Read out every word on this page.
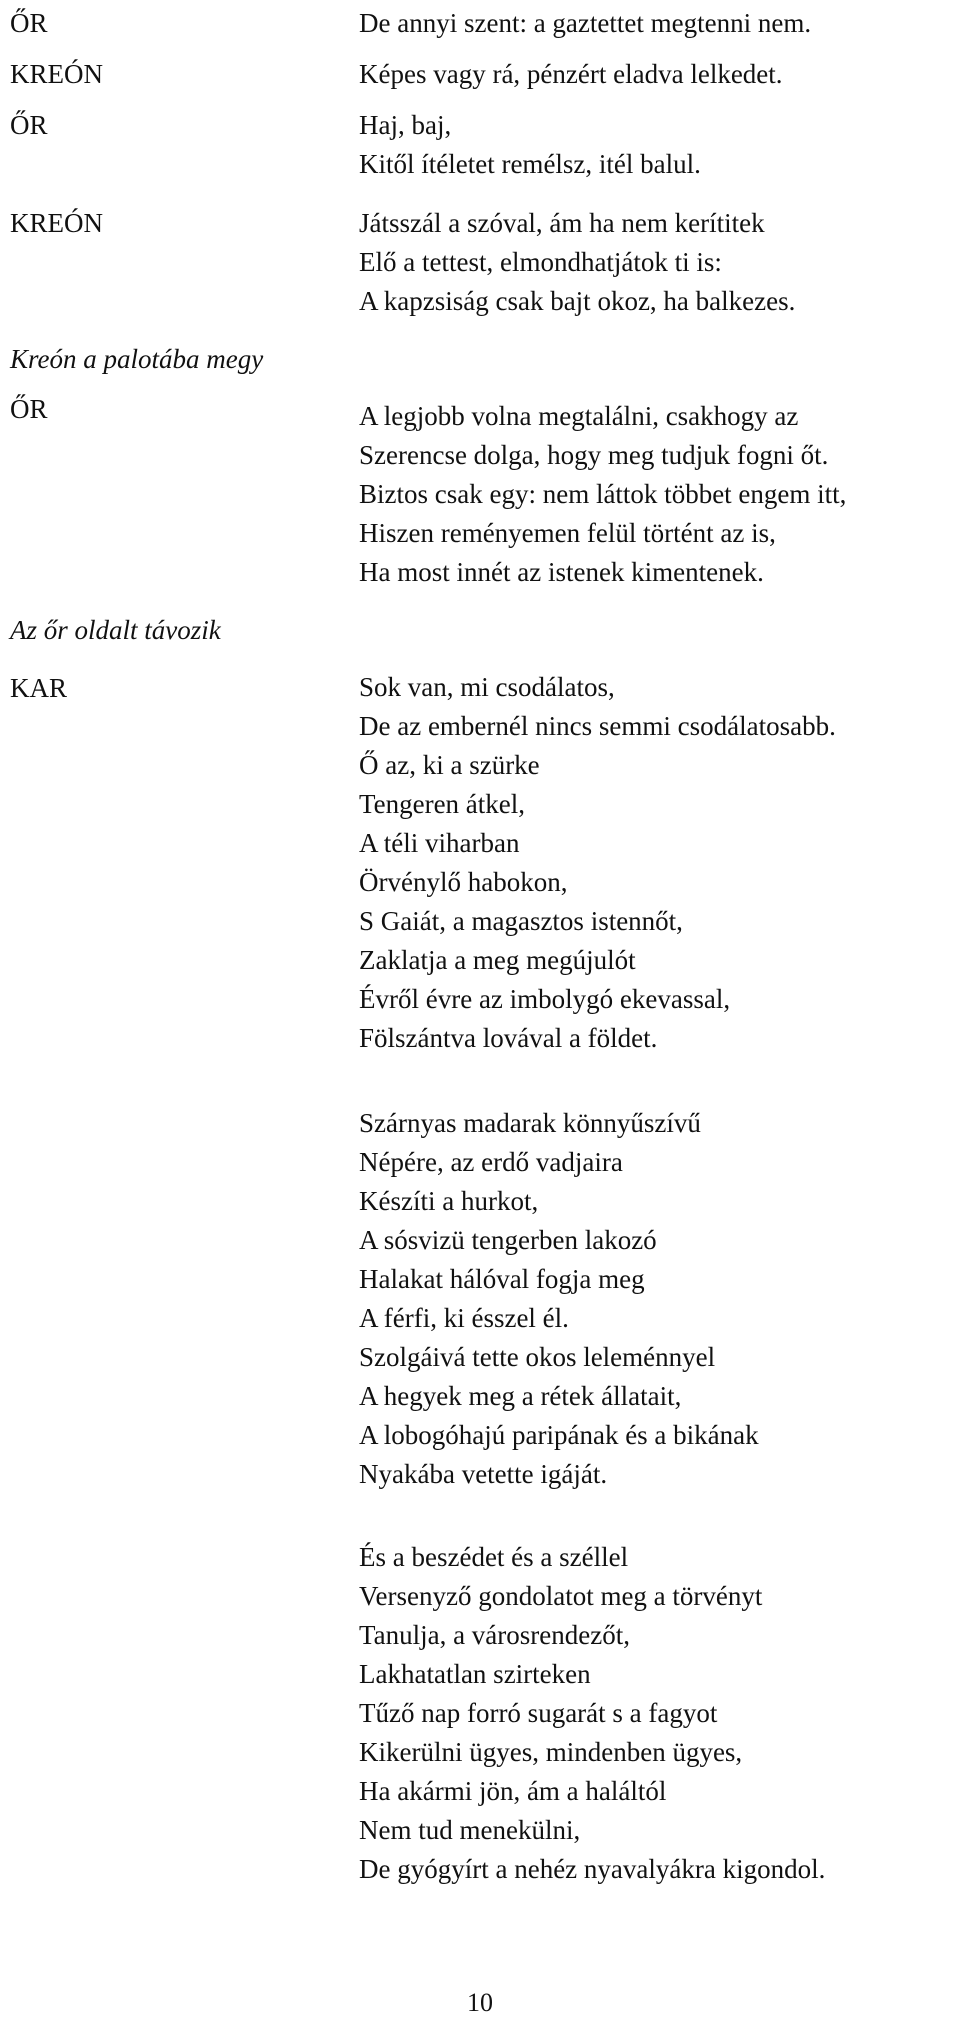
ŐR
KREÓN
ŐR
KREÓN
Kreón a palotába megy
ŐR
Az őr oldalt távozik
KAR
De annyi szent: a gaztettet megtenni nem.
Képes vagy rá, pénzért eladva lelkedet.
Haj, baj,
Kitől ítéletet remélsz, itél balul.
Játsszál a szóval, ám ha nem kerítitek
Elő a tettest, elmondhatjátok ti is:
A kapzsiság csak bajt okoz, ha balkezes.
A legjobb volna megtalálni, csakhogy az
Szerencse dolga, hogy meg tudjuk fogni őt.
Biztos csak egy: nem láttok többet engem itt,
Hiszen reményemen felül történt az is,
Ha most innét az istenek kimentenek.
Sok van, mi csodálatos,
De az embernél nincs semmi csodálatosabb.
Ő az, ki a szürke
Tengeren átkel,
A téli viharban
Örvénylő habokon,
S Gaiát, a magasztos istennőt,
Zaklatja a meg megújulót
Évről évre az imbolygó ekevassal,
Fölszántva lovával a földet.
Szárnyas madarak könnyűszívű
Népére, az erdő vadjaira
Készíti a hurkot,
A sósvizü tengerben lakozó
Halakat hálóval fogja meg
A férfi, ki ésszel él.
Szolgáivá tette okos leleménnyel
A hegyek meg a rétek állatait,
A lobogóhajú paripának és a bikának
Nyakába vetette igáját.
És a beszédet és a széllel
Versenyző gondolatot meg a törvényt
Tanulja, a városrendezőt,
Lakhatatlan szirteken
Tűző nap forró sugarát s a fagyot
Kikerülni ügyes, mindenben ügyes,
Ha akármi jön, ám a haláltól
Nem tud menekülni,
De gyógyírt a nehéz nyavalyákra kigondol.
10
